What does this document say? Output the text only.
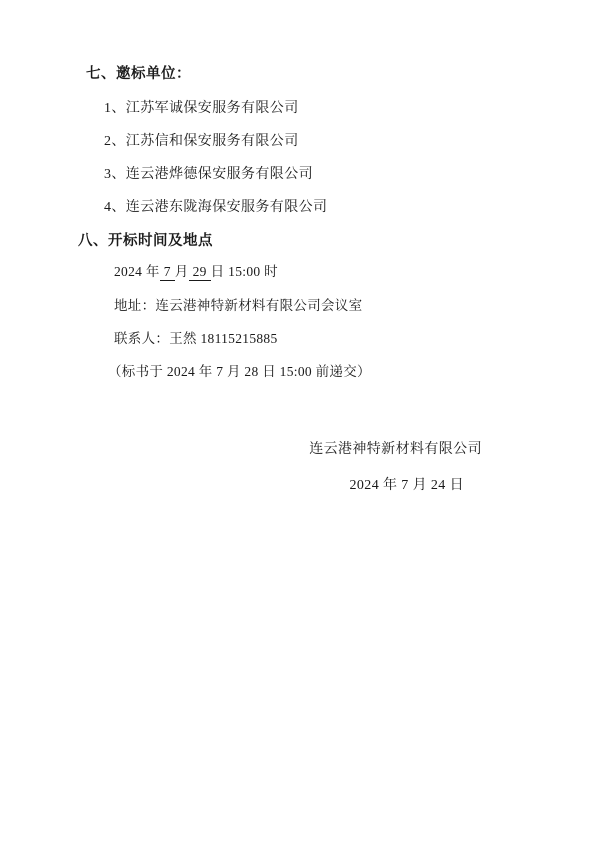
七、邀标单位：
1、江苏军诚保安服务有限公司
2、江苏信和保安服务有限公司
3、连云港烨德保安服务有限公司
4、连云港东陇海保安服务有限公司
八、开标时间及地点

2024 年 7 月 29 日 15:00 时

地址：连云港神特新材料有限公司会议室

联系人：王然 18115215885

（标书于 2024 年 7 月 28 日 15:00 前递交）

连云港神特新材料有限公司

2024 年 7 月 24 日
